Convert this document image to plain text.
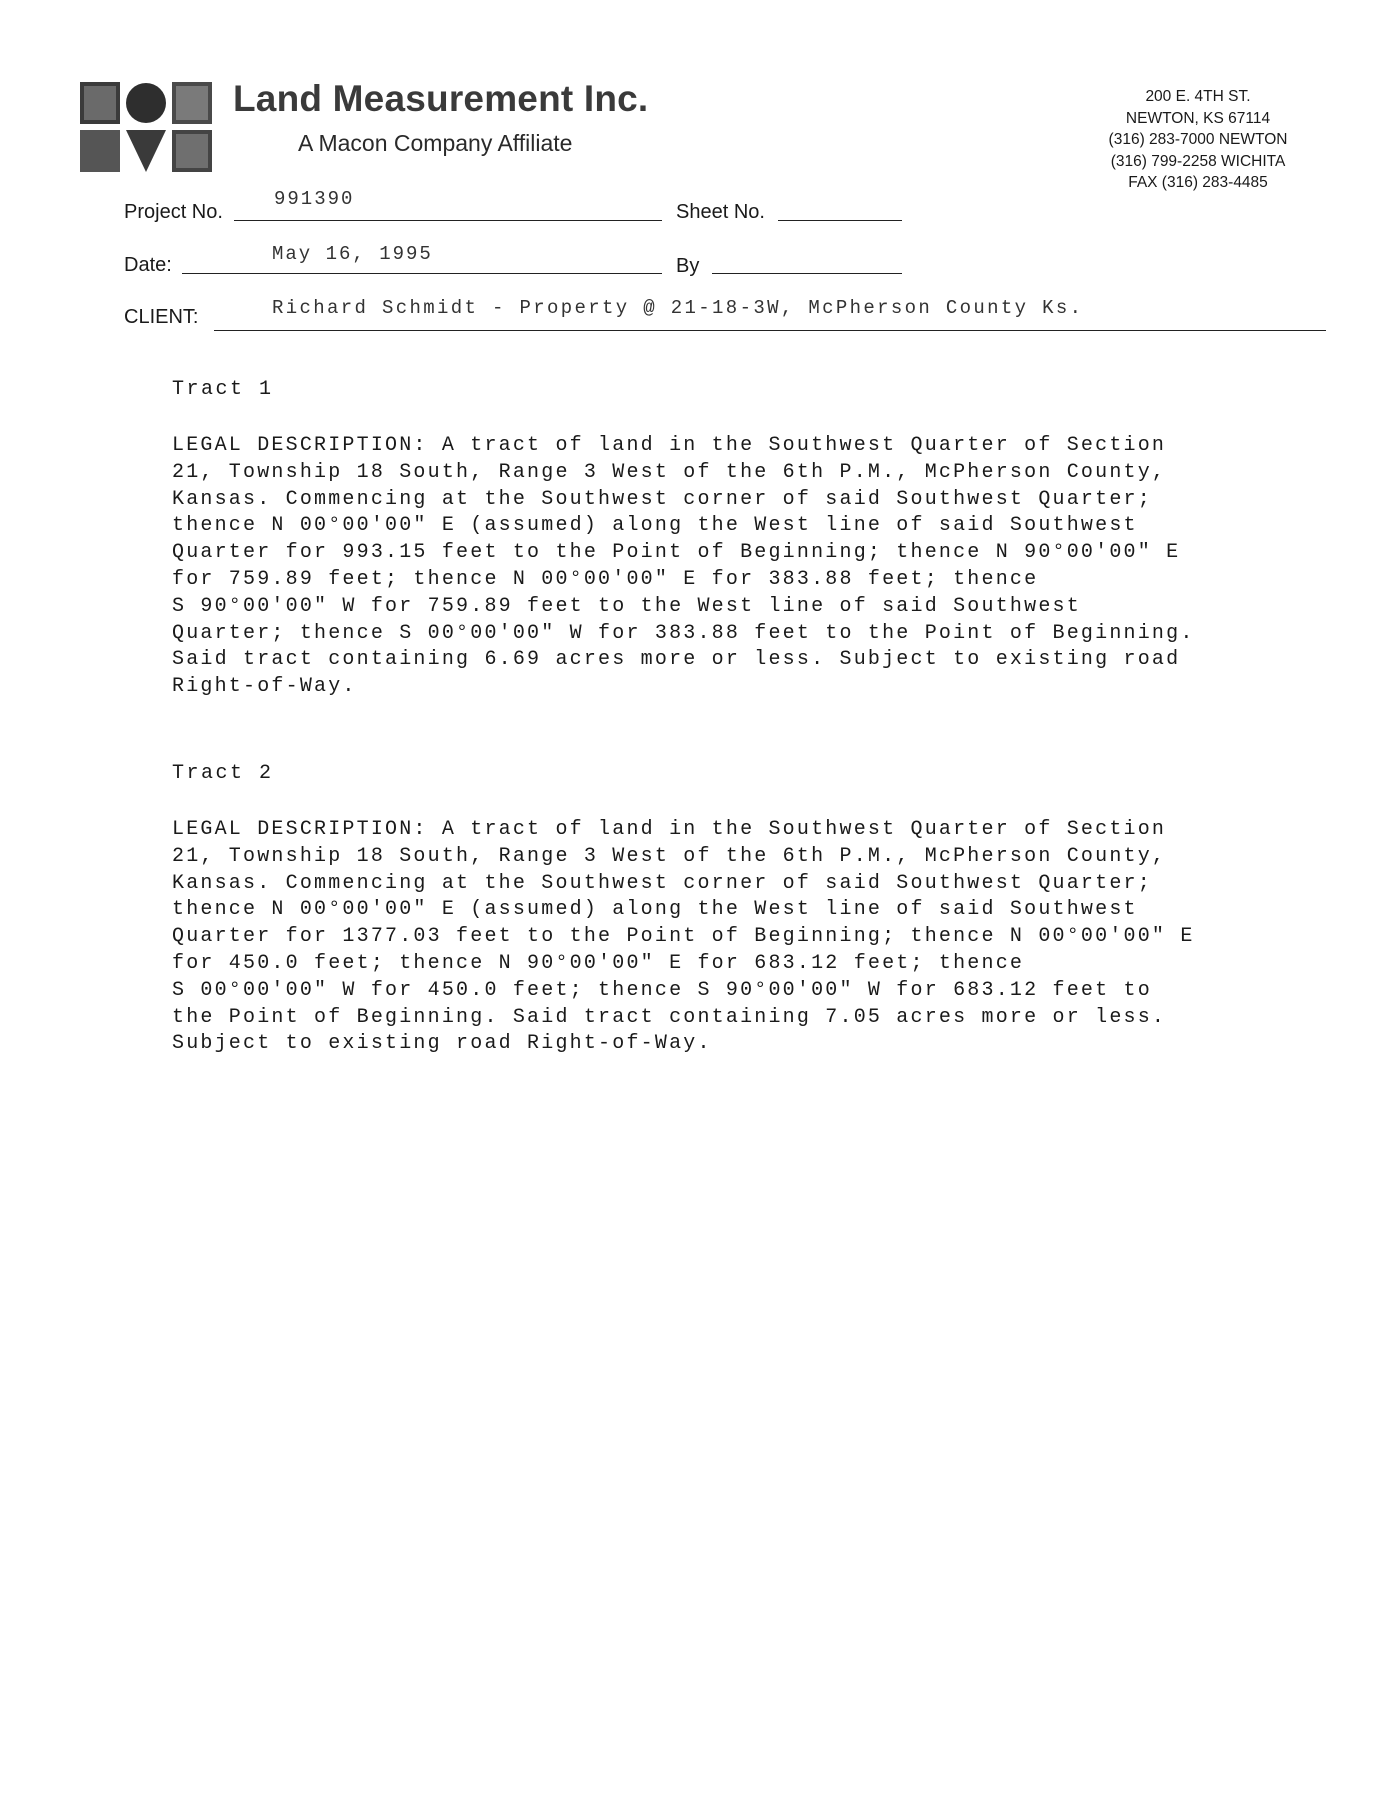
Land Measurement Inc.
A Macon Company Affiliate
200 E. 4TH ST.
NEWTON, KS 67114
(316) 283-7000 NEWTON
(316) 799-2258 WICHITA
FAX (316) 283-4485
Project No.
991390
Sheet No.
Date:	May 16, 1995
By
CLIENT:	Richard Schmidt - Property @ 21-18-3W, McPherson County Ks.
Tract 1
LEGAL DESCRIPTION: A tract of land in the Southwest Quarter of Section
21, Township 18 South, Range 3 West of the 6th P.M., McPherson County,
Kansas. Commencing at the Southwest corner of said Southwest Quarter;
thence N 00°00'00" E (assumed) along the West line of said Southwest
Quarter for 993.15 feet to the Point of Beginning; thence N 90°00'00" E
for 759.89 feet; thence N 00°00'00" E for 383.88 feet; thence
S 90°00'00" W for 759.89 feet to the West line of said Southwest
Quarter; thence S 00°00'00" W for 383.88 feet to the Point of Beginning.
Said tract containing 6.69 acres more or less. Subject to existing road
Right-of-Way.
Tract 2
LEGAL DESCRIPTION: A tract of land in the Southwest Quarter of Section
21, Township 18 South, Range 3 West of the 6th P.M., McPherson County,
Kansas. Commencing at the Southwest corner of said Southwest Quarter;
thence N 00°00'00" E (assumed) along the West line of said Southwest
Quarter for 1377.03 feet to the Point of Beginning; thence N 00°00'00" E
for 450.0 feet; thence N 90°00'00" E for 683.12 feet; thence
S 00°00'00" W for 450.0 feet; thence S 90°00'00" W for 683.12 feet to
the Point of Beginning. Said tract containing 7.05 acres more or less.
Subject to existing road Right-of-Way.
